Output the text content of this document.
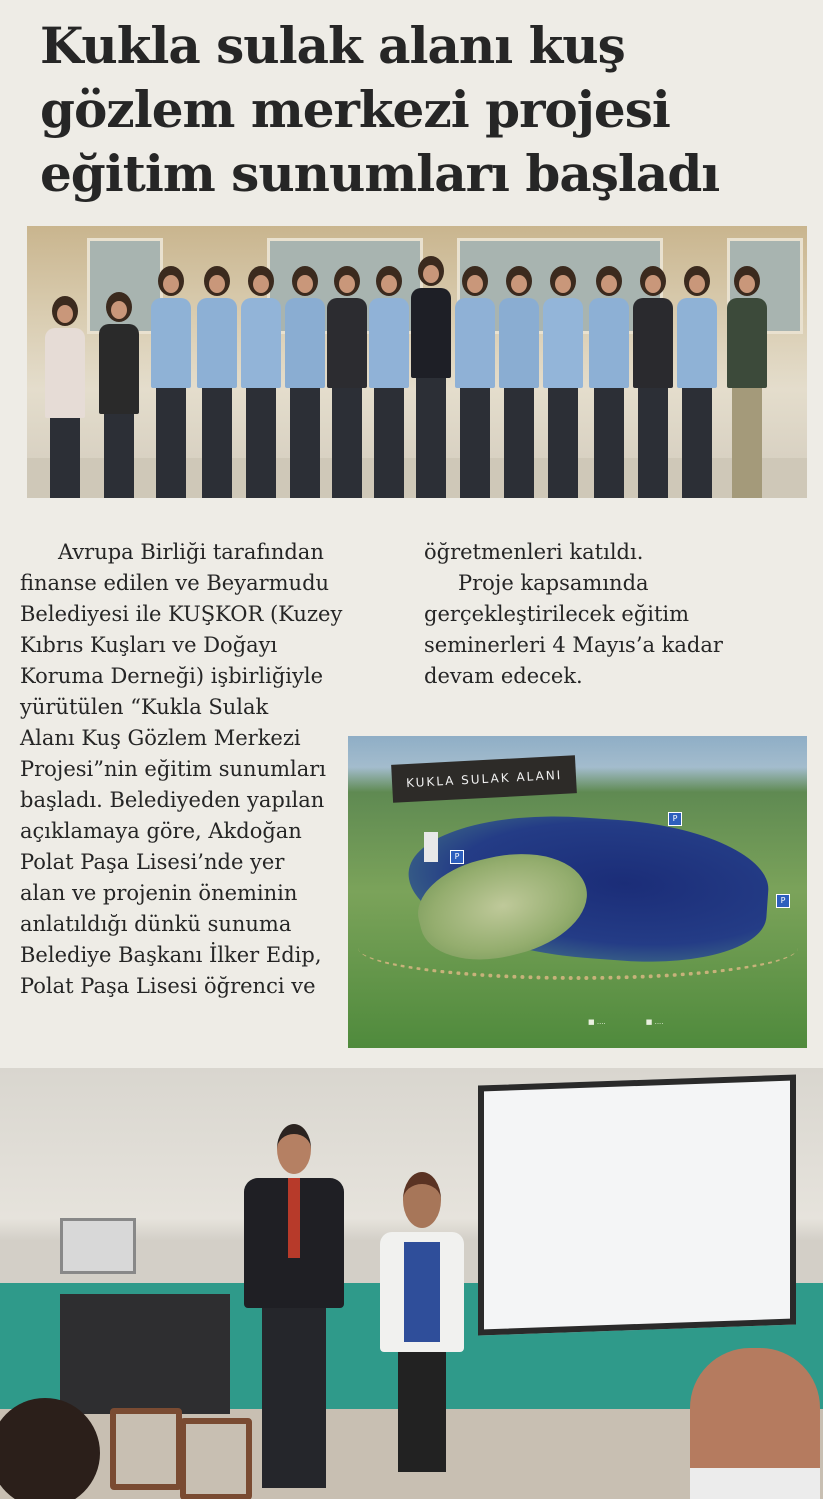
Kukla sulak alanı kuş gözlem merkezi projesi eğitim sunumları başladı
Avrupa Birliği tarafından
finanse edilen ve Beyarmudu
Belediyesi ile KUŞKOR (Kuzey
Kıbrıs Kuşları ve Doğayı
Koruma Derneği) işbirliğiyle
yürütülen “Kukla Sulak
Alanı Kuş Gözlem Merkezi
Projesi”nin eğitim sunumları
başladı. Belediyeden yapılan
açıklamaya göre, Akdoğan
Polat Paşa Lisesi’nde yer
alan ve projenin öneminin
anlatıldığı dünkü sunuma
Belediye Başkanı İlker Edip,
Polat Paşa Lisesi öğrenci ve
öğretmenleri katıldı.
Proje kapsamında
gerçekleştirilecek eğitim
seminerleri 4 Mayıs’a kadar
devam edecek.
KUKLA SULAK ALANI
P
P
P
■ ....	■ ....
